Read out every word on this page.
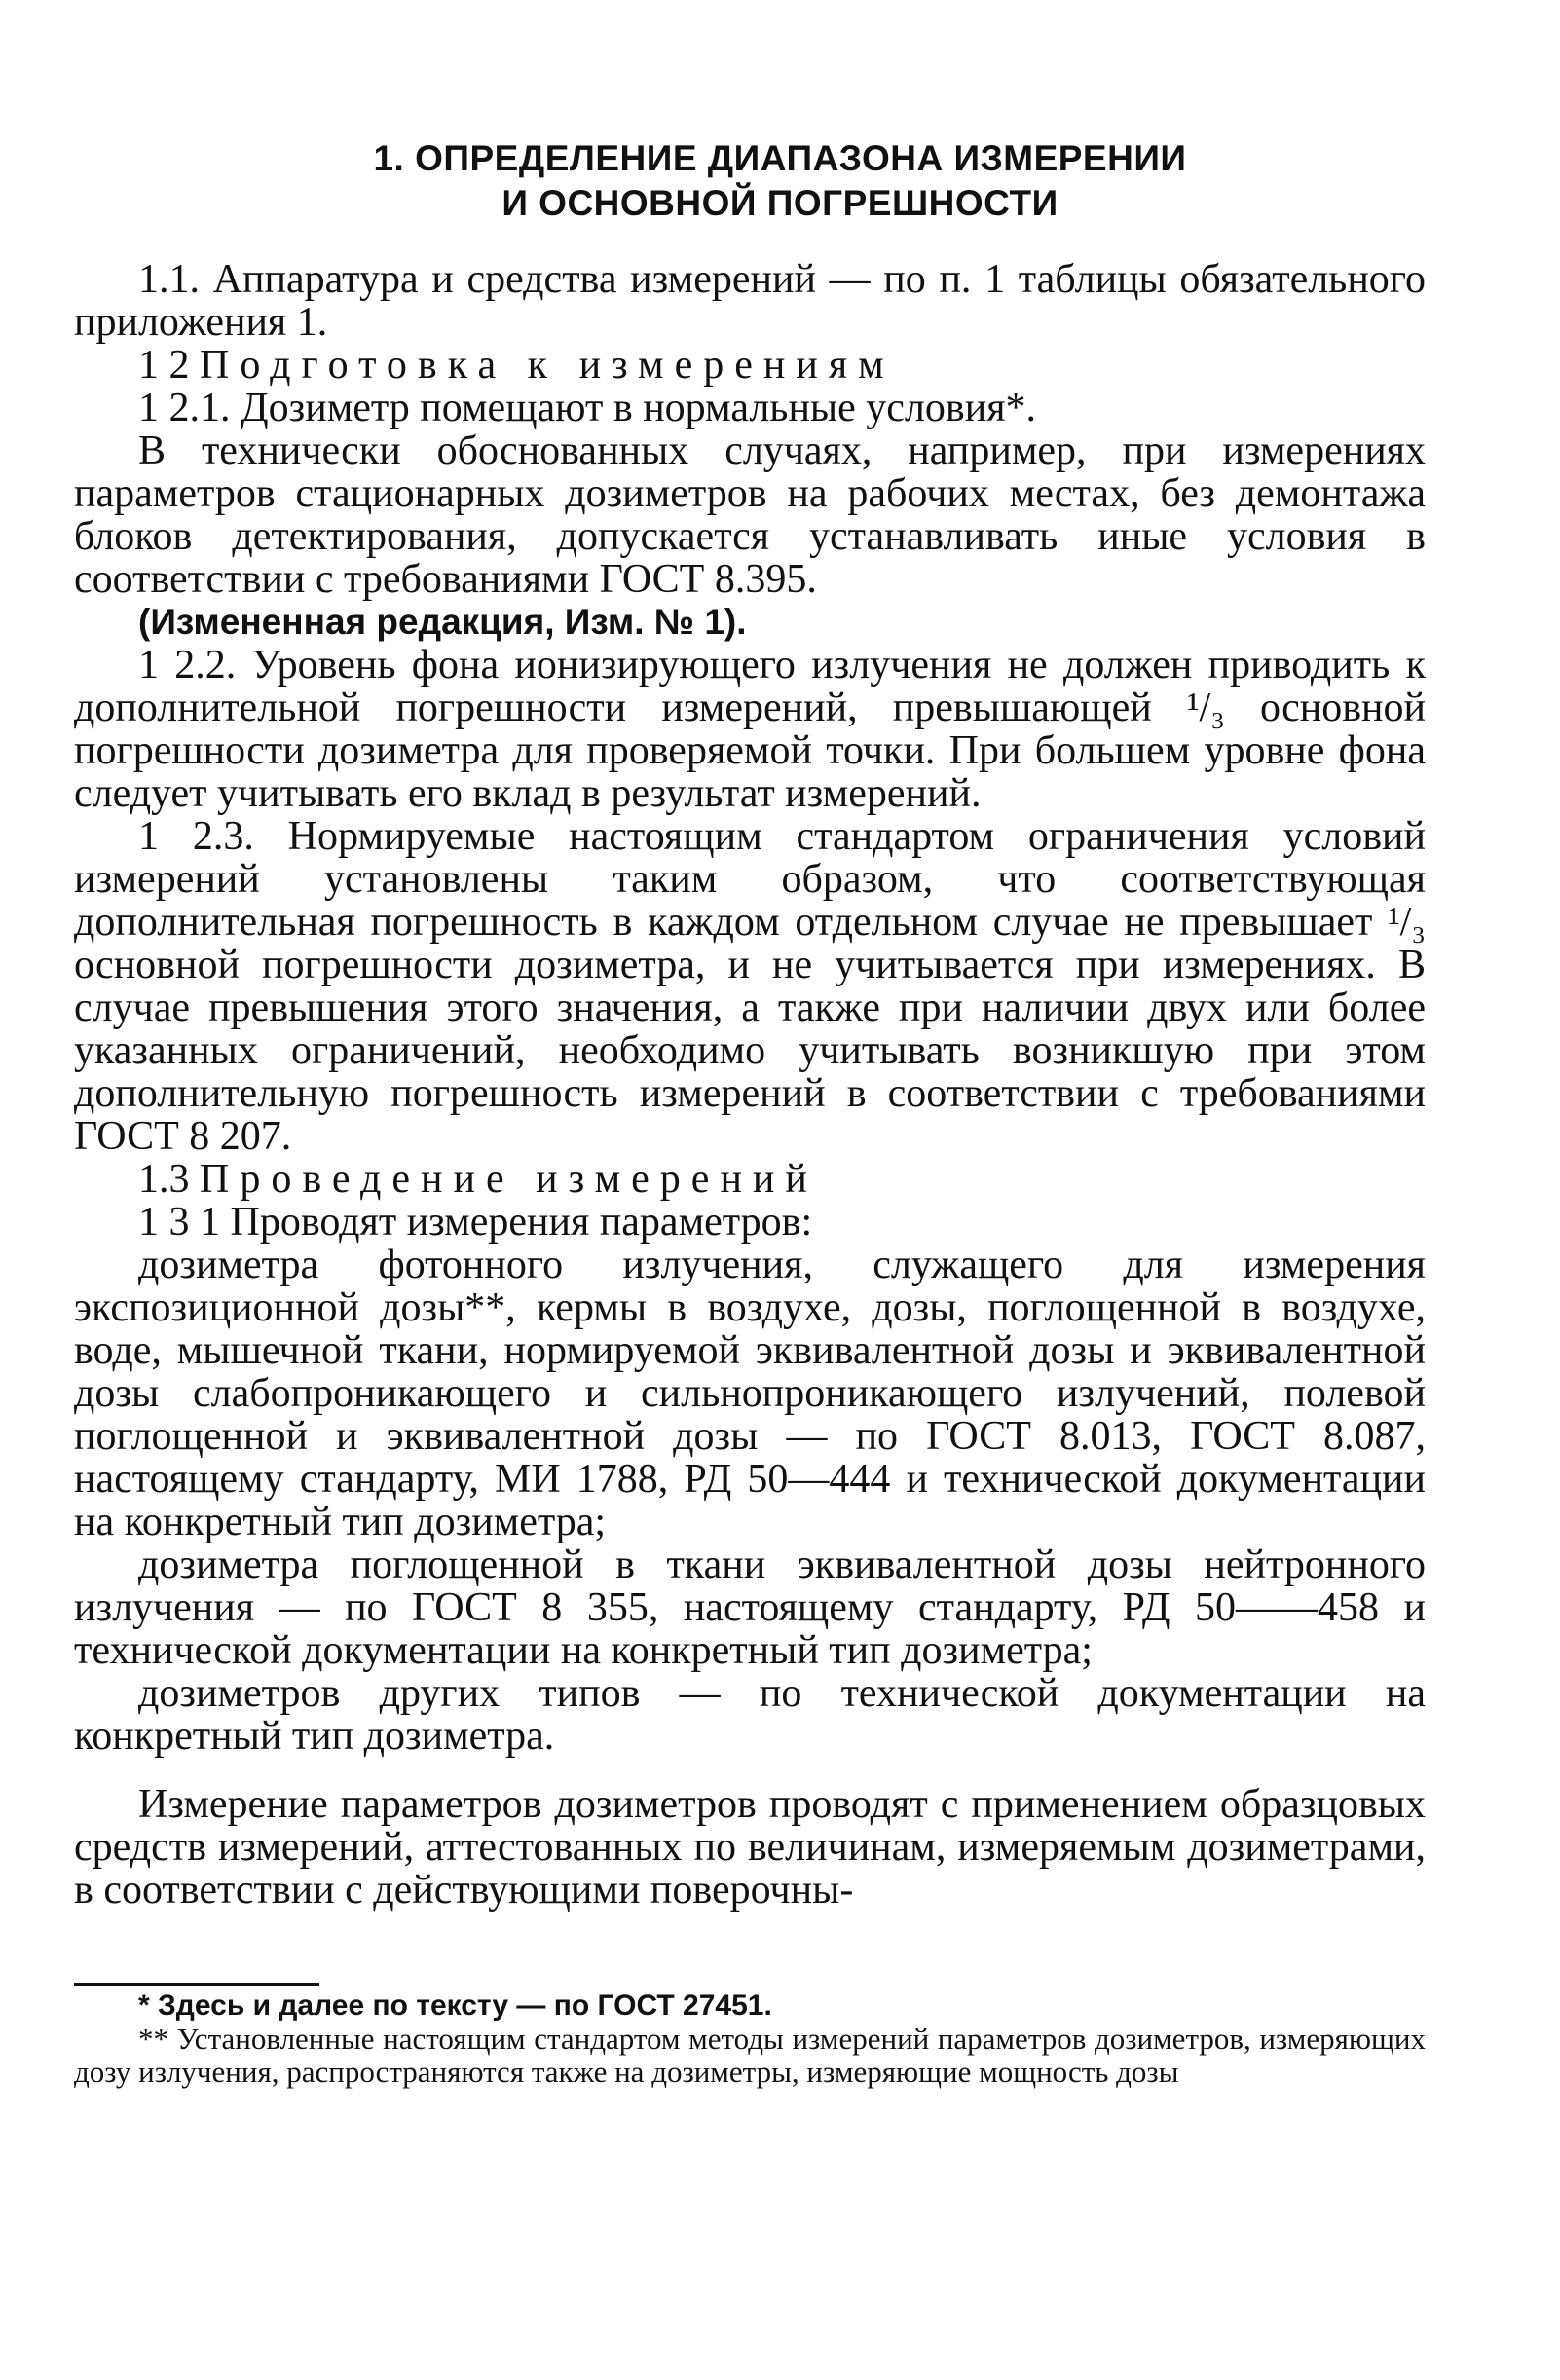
1. ОПРЕДЕЛЕНИЕ ДИАПАЗОНА ИЗМЕРЕНИИ
И ОСНОВНОЙ ПОГРЕШНОСТИ

1.1. Аппаратура и средства измерений — по п. 1 таблицы обязательного приложения 1.

1 2 Подготовка к измерениям

1 2.1. Дозиметр помещают в нормальные условия*.

В технически обоснованных случаях, например, при измерениях параметров стационарных дозиметров на рабочих местах, без демонтажа блоков детектирования, допускается устанавливать иные условия в соответствии с требованиями ГОСТ 8.395.

(Измененная редакция, Изм. № 1).

1 2.2. Уровень фона ионизирующего излучения не должен приводить к дополнительной погрешности измерений, превышающей ¹/₃ основной погрешности дозиметра для проверяемой точки. При большем уровне фона следует учитывать его вклад в результат измерений.

1 2.3. Нормируемые настоящим стандартом ограничения условий измерений установлены таким образом, что соответствующая дополнительная погрешность в каждом отдельном случае не превышает ¹/₃ основной погрешности дозиметра, и не учитывается при измерениях. В случае превышения этого значения, а также при наличии двух или более указанных ограничений, необходимо учитывать возникшую при этом дополнительную погрешность измерений в соответствии с требованиями ГОСТ 8 207.

1.3 Проведение измерений

1 3 1 Проводят измерения параметров:

дозиметра фотонного излучения, служащего для измерения экспозиционной дозы**, кермы в воздухе, дозы, поглощенной в воздухе, воде, мышечной ткани, нормируемой эквивалентной дозы и эквивалентной дозы слабопроникающего и сильнопроникающего излучений, полевой поглощенной и эквивалентной дозы — по ГОСТ 8.013, ГОСТ 8.087, настоящему стандарту, МИ 1788, РД 50—444 и технической документации на конкретный тип дозиметра;

дозиметра поглощенной в ткани эквивалентной дозы нейтронного излучения — по ГОСТ 8 355, настоящему стандарту, РД 50——458 и технической документации на конкретный тип дозиметра;

дозиметров других типов — по технической документации на конкретный тип дозиметра.

Измерение параметров дозиметров проводят с применением образцовых средств измерений, аттестованных по величинам, измеряемым дозиметрами, в соответствии с действующими поверочны-

* Здесь и далее по тексту — по ГОСТ 27451.

** Установленные настоящим стандартом методы измерений параметров дозиметров, измеряющих дозу излучения, распространяются также на дозиметры, измеряющие мощность дозы
